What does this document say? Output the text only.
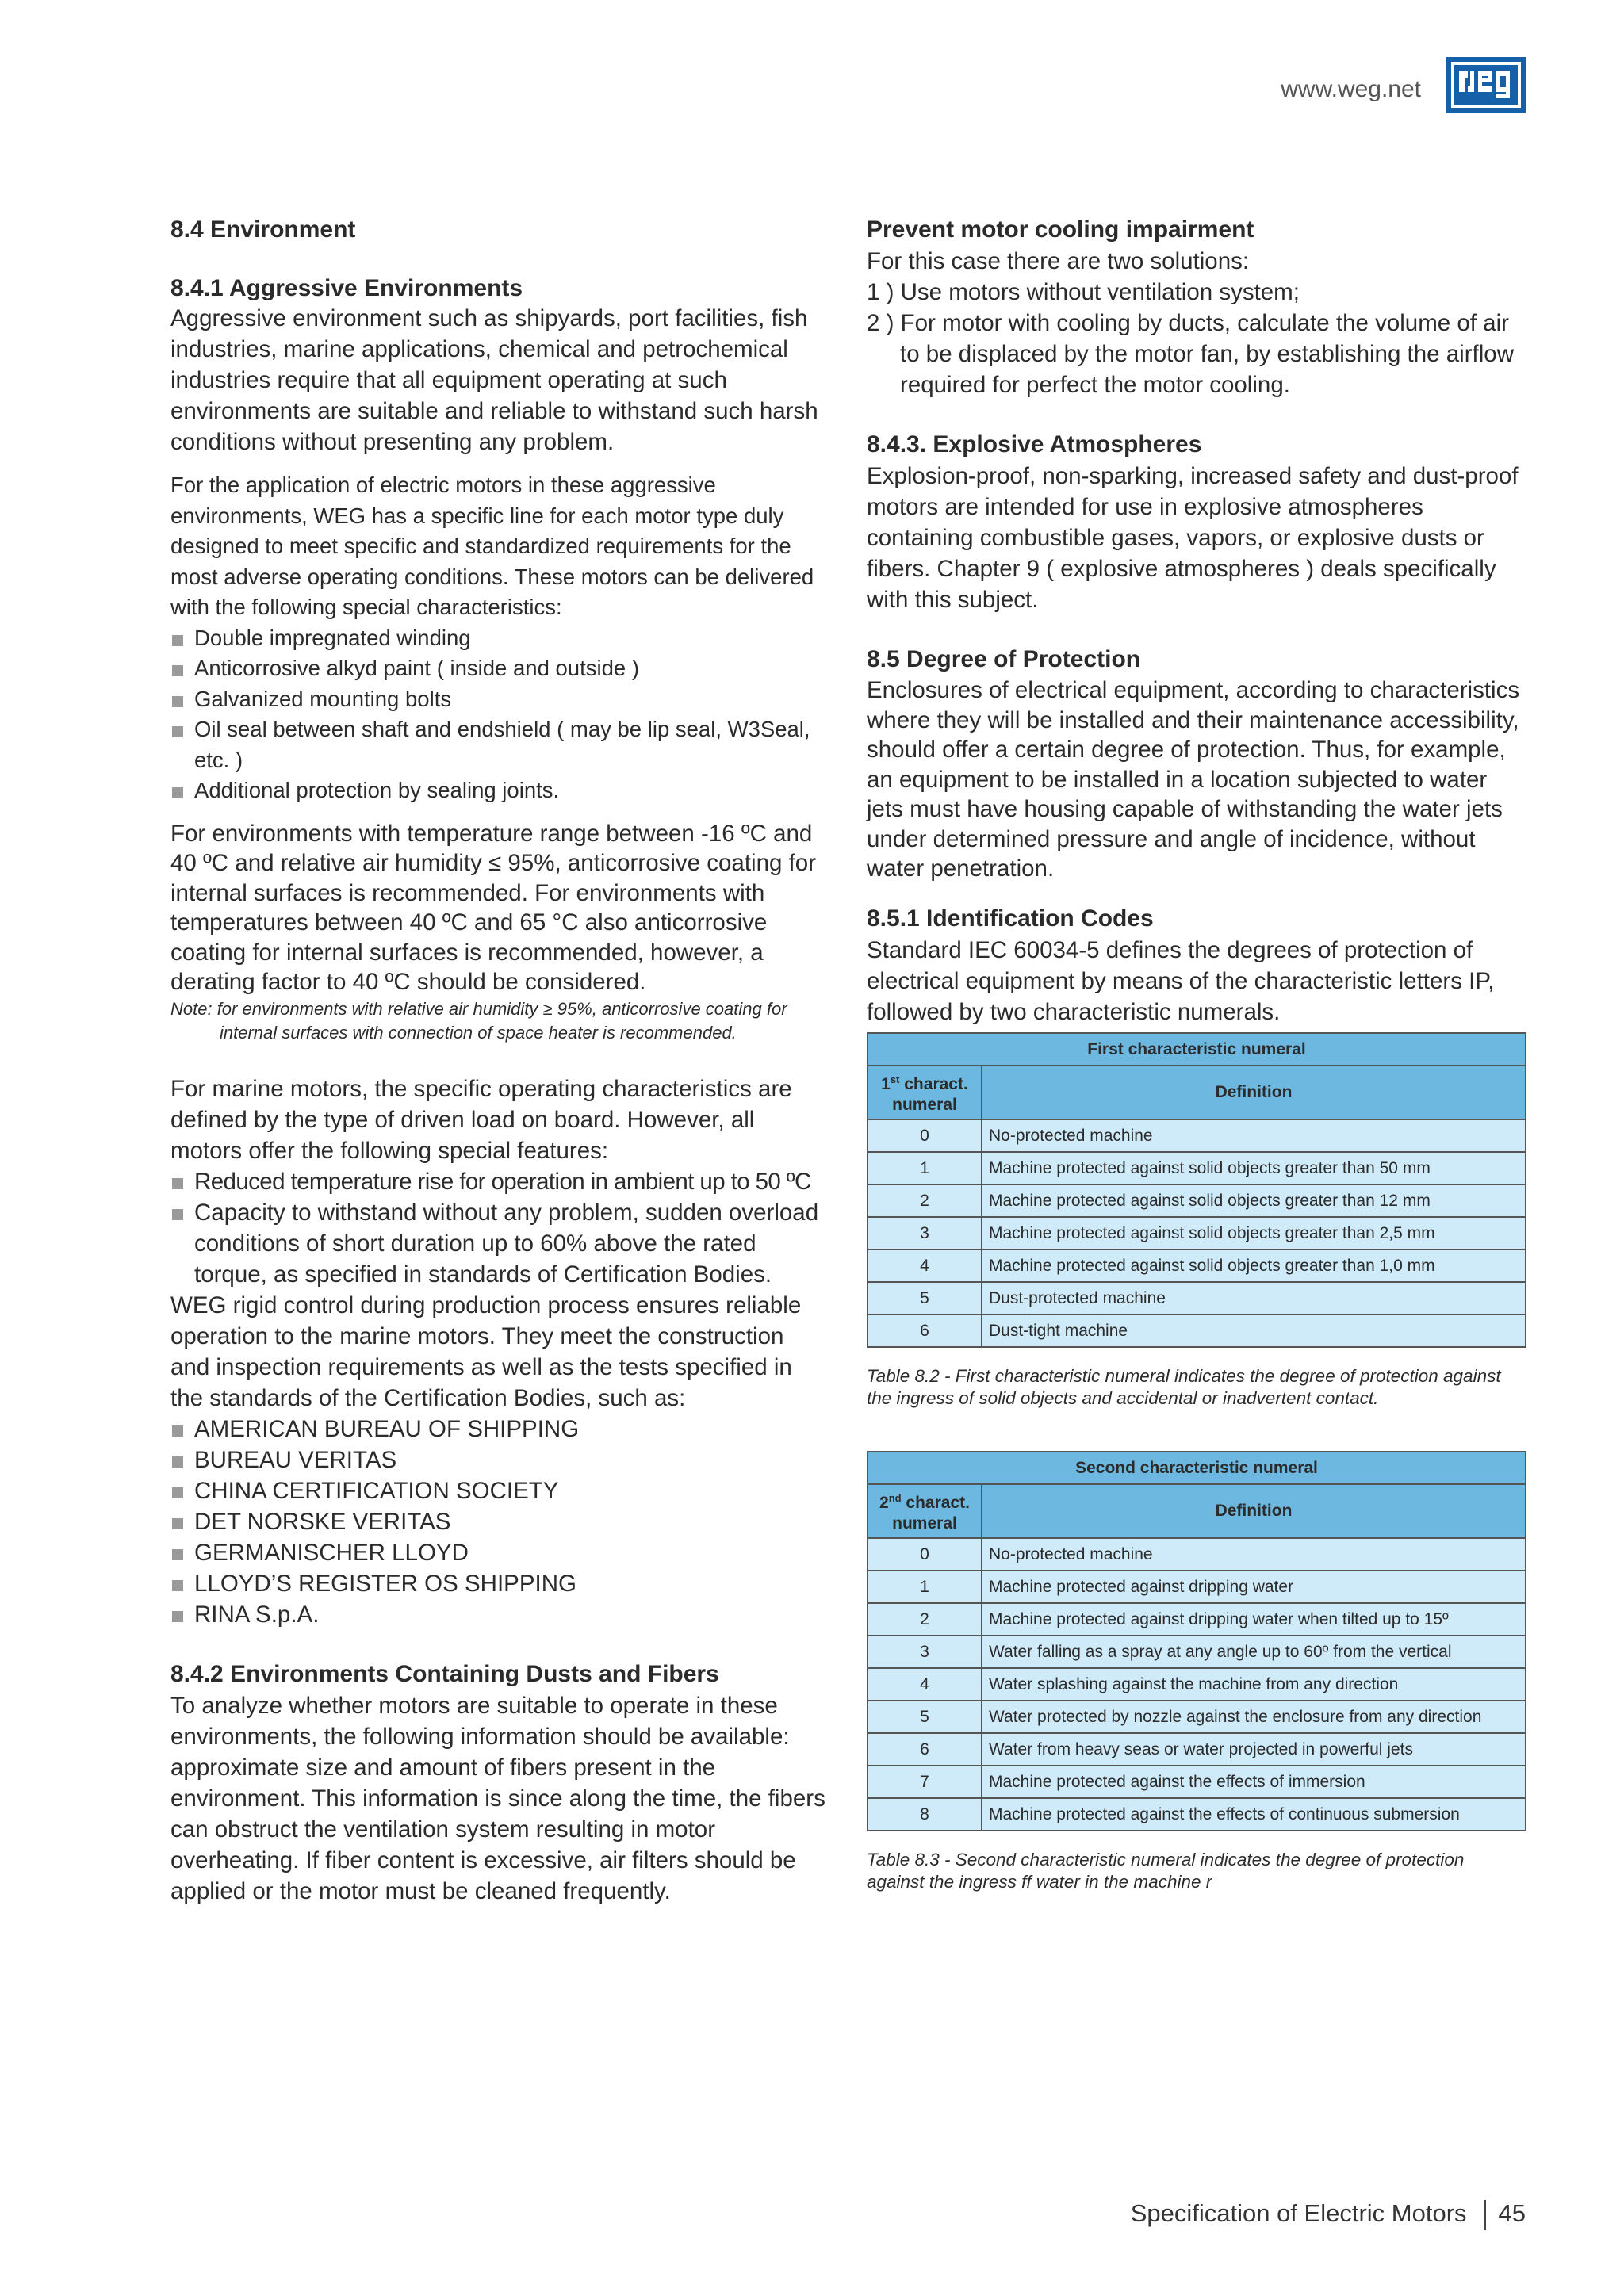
www.weg.net
8.4 Environment
8.4.1 Aggressive Environments

Aggressive environment such as shipyards, port facilities, fish industries, marine applications, chemical and petrochemical industries require that all equipment operating at such environments are suitable and reliable to withstand such harsh conditions without presenting any problem.

For the application of electric motors in these aggressive environments, WEG has a specific line for each motor type duly designed to meet specific and standardized requirements for the most adverse operating conditions. These motors can be delivered with the following special characteristics:

Double impregnated winding
Anticorrosive alkyd paint ( inside and outside )
Galvanized mounting bolts
Oil seal between shaft and endshield ( may be lip seal, W3Seal, etc. )
Additional protection by sealing joints.

For environments with temperature range between -16 ºC and 40 ºC and relative air humidity ≤ 95%, anticorrosive coating for internal surfaces is recommended. For environments with temperatures between 40 ºC and 65 °C also anticorrosive coating for internal surfaces is recommended, however, a derating factor to 40 ºC should be considered.

Note: for environments with relative air humidity ≥ 95%, anticorrosive coating for
internal surfaces with connection of space heater is recommended.

For marine motors, the specific operating characteristics are defined by the type of driven load on board. However, all motors offer the following special features:

Reduced temperature rise for operation in ambient up to 50 ºC
Capacity to withstand without any problem, sudden overload conditions of short duration up to 60% above the rated torque, as specified in standards of Certification Bodies.

WEG rigid control during production process ensures reliable operation to the marine motors. They meet the construction and inspection requirements as well as the tests specified in the standards of the Certification Bodies, such as:

AMERICAN BUREAU OF SHIPPING
BUREAU VERITAS
CHINA CERTIFICATION SOCIETY
DET NORSKE VERITAS
GERMANISCHER LLOYD
LLOYD’S REGISTER OS SHIPPING
RINA S.p.A.
8.4.2 Environments Containing Dusts and Fibers

To analyze whether motors are suitable to operate in these environments, the following information should be available: approximate size and amount of fibers present in the environment. This information is since along the time, the fibers can obstruct the ventilation system resulting in motor overheating. If fiber content is excessive, air filters should be applied or the motor must be cleaned frequently.

Prevent motor cooling impairment

For this case there are two solutions:

1 ) Use motors without ventilation system;
2 ) For motor with cooling by ducts, calculate the volume of air to be displaced by the motor fan, by establishing the airflow required for perfect the motor cooling.
8.4.3. Explosive Atmospheres

Explosion-proof, non-sparking, increased safety and dust-proof motors are intended for use in explosive atmospheres containing combustible gases, vapors, or explosive dusts or fibers. Chapter 9 ( explosive atmospheres ) deals specifically with this subject.

8.5 Degree of Protection

Enclosures of electrical equipment, according to characteristics where they will be installed and their maintenance accessibility, should offer a certain degree of protection. Thus, for example, an equipment to be installed in a location subjected to water jets must have housing capable of withstanding the water jets under determined pressure and angle of incidence, without water penetration.

8.5.1 Identification Codes

Standard IEC 60034-5 defines the degrees of protection of electrical equipment by means of the characteristic letters IP, followed by two characteristic numerals.

First characteristic numeral	
1st charact.
numeral	Definition
0	No-protected machine
1	Machine protected against solid objects greater than 50 mm
2	Machine protected against solid objects greater than 12 mm
3	Machine protected against solid objects greater than 2,5 mm
4	Machine protected against solid objects greater than 1,0 mm
5	Dust-protected machine
6	Dust-tight machine
Table 8.2 - First characteristic numeral indicates the degree of protection against the ingress of solid objects and accidental or inadvertent contact.
Second characteristic numeral	
2nd charact.
numeral	Definition
0	No-protected machine
1	Machine protected against dripping water
2	Machine protected against dripping water when tilted up to 15º
3	Water falling as a spray at any angle up to 60º from the vertical
4	Water splashing against the machine from any direction
5	Water protected by nozzle against the enclosure from any direction
6	Water from heavy seas or water projected in powerful jets
7	Machine protected against the effects of immersion
8	Machine protected against the effects of continuous submersion
Table 8.3 - Second characteristic numeral indicates the degree of protection against the ingress ff water in the machine r
Specification of Electric Motors 45
